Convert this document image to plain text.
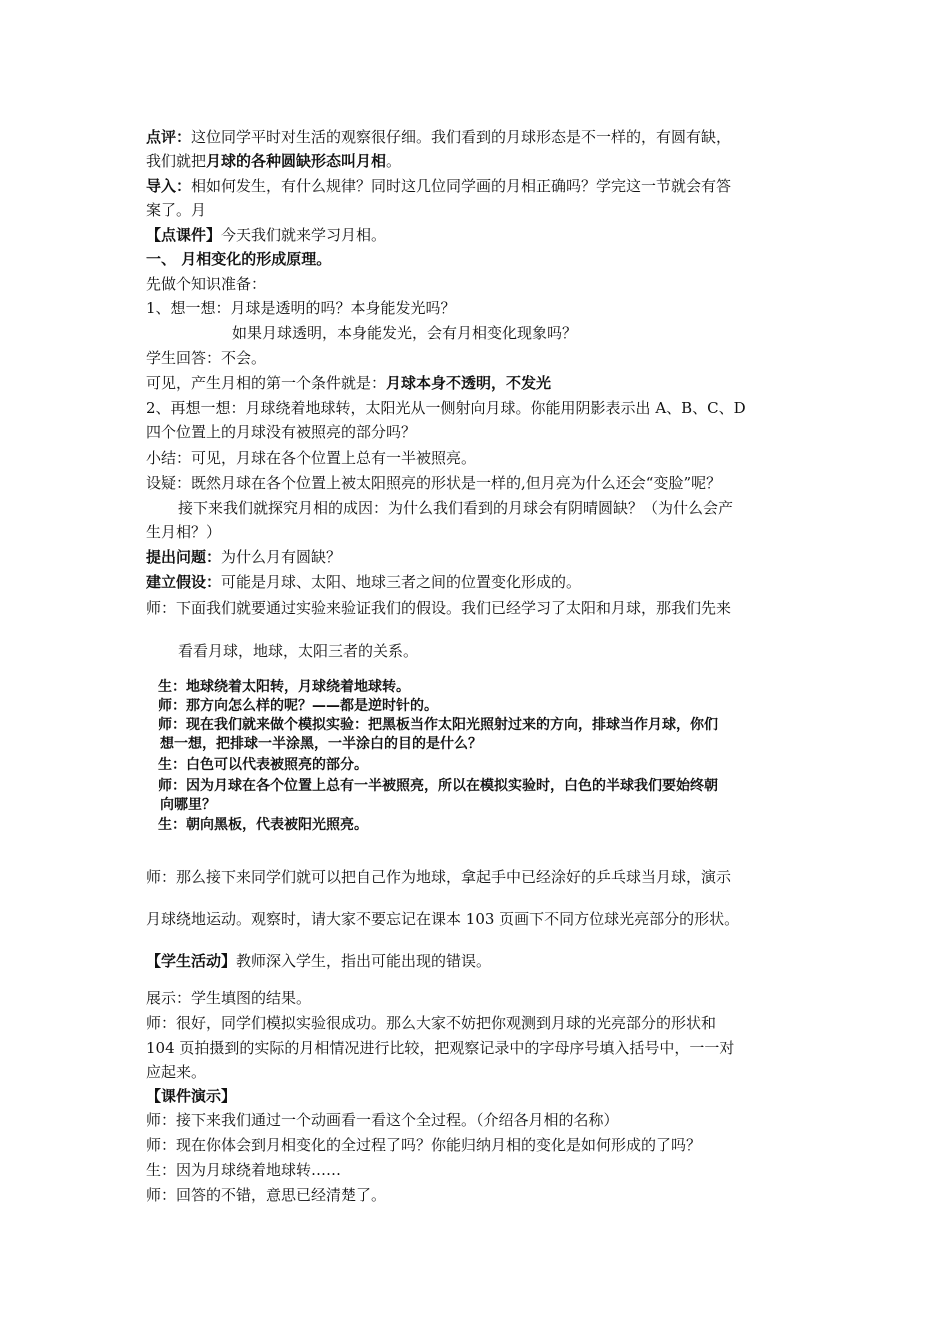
点评：这位同学平时对生活的观察很仔细。我们看到的月球形态是不一样的，有圆有缺，
我们就把月球的各种圆缺形态叫月相。
导入：相如何发生，有什么规律？同时这几位同学画的月相正确吗？学完这一节就会有答
案了。月
【点课件】今天我们就来学习月相。
一、 月相变化的形成原理。
先做个知识准备：
1、想一想：月球是透明的吗？本身能发光吗？
如果月球透明，本身能发光，会有月相变化现象吗？
学生回答：不会。
可见，产生月相的第一个条件就是：月球本身不透明，不发光
2、再想一想：月球绕着地球转，太阳光从一侧射向月球。你能用阴影表示出 A、B、C、D
四个位置上的月球没有被照亮的部分吗？
小结：可见，月球在各个位置上总有一半被照亮。
设疑：既然月球在各个位置上被太阳照亮的形状是一样的,但月亮为什么还会“变脸”呢？
接下来我们就探究月相的成因：为什么我们看到的月球会有阴晴圆缺？（为什么会产
生月相？）
提出问题：为什么月有圆缺？
建立假设：可能是月球、太阳、地球三者之间的位置变化形成的。
师：下面我们就要通过实验来验证我们的假设。我们已经学习了太阳和月球，那我们先来
看看月球，地球，太阳三者的关系。
生：地球绕着太阳转，月球绕着地球转。
师：那方向怎么样的呢？——都是逆时针的。
师：现在我们就来做个模拟实验：把黑板当作太阳光照射过来的方向，排球当作月球，你们
想一想，把排球一半涂黑，一半涂白的目的是什么？
生：白色可以代表被照亮的部分。
师：因为月球在各个位置上总有一半被照亮，所以在模拟实验时，白色的半球我们要始终朝
向哪里？
生：朝向黑板，代表被阳光照亮。
师：那么接下来同学们就可以把自己作为地球，拿起手中已经涂好的乒乓球当月球，演示
月球绕地运动。观察时，请大家不要忘记在课本 103 页画下不同方位球光亮部分的形状。
【学生活动】教师深入学生，指出可能出现的错误。
展示：学生填图的结果。
师：很好，同学们模拟实验很成功。那么大家不妨把你观测到月球的光亮部分的形状和
104 页拍摄到的实际的月相情况进行比较，把观察记录中的字母序号填入括号中，一一对
应起来。
【课件演示】
师：接下来我们通过一个动画看一看这个全过程。（介绍各月相的名称）
师：现在你体会到月相变化的全过程了吗？你能归纳月相的变化是如何形成的了吗？
生：因为月球绕着地球转……
师：回答的不错，意思已经清楚了。
